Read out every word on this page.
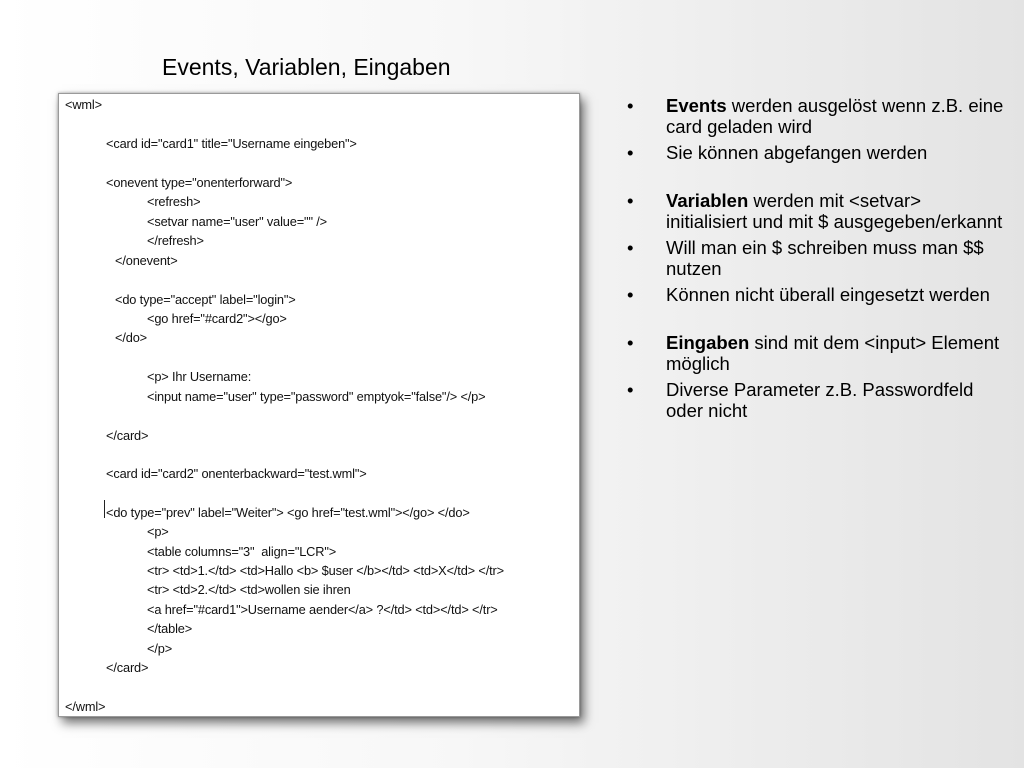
Events, Variablen, Eingaben
<wml>
<card id="card1" title="Username eingeben">
<onevent type="onenterforward">
<refresh>
<setvar name="user" value="" />
</refresh>
</onevent>
<do type="accept" label="login">
<go href="#card2"></go>
</do>
<p> Ihr Username:
<input name="user" type="password" emptyok="false"/> </p>
</card>
<card id="card2" onenterbackward="test.wml">
<do type="prev" label="Weiter"> <go href="test.wml"></go> </do>
<p>
<table columns="3"  align="LCR">
<tr> <td>1.</td> <td>Hallo <b> $user </b></td> <td>X</td> </tr>
<tr> <td>2.</td> <td>wollen sie ihren
<a href="#card1">Username aender</a> ?</td> <td></td> </tr>
</table>
</p>
</card>
</wml>
• Events werden ausgelöst wenn z.B. eine card geladen wird
• Sie können abgefangen werden
• Variablen werden mit <setvar> initialisiert und mit $ ausgegeben/erkannt
• Will man ein $ schreiben muss man $$ nutzen
• Können nicht überall eingesetzt werden
• Eingaben sind mit dem <input> Element möglich
• Diverse Parameter z.B. Passwordfeld oder nicht
